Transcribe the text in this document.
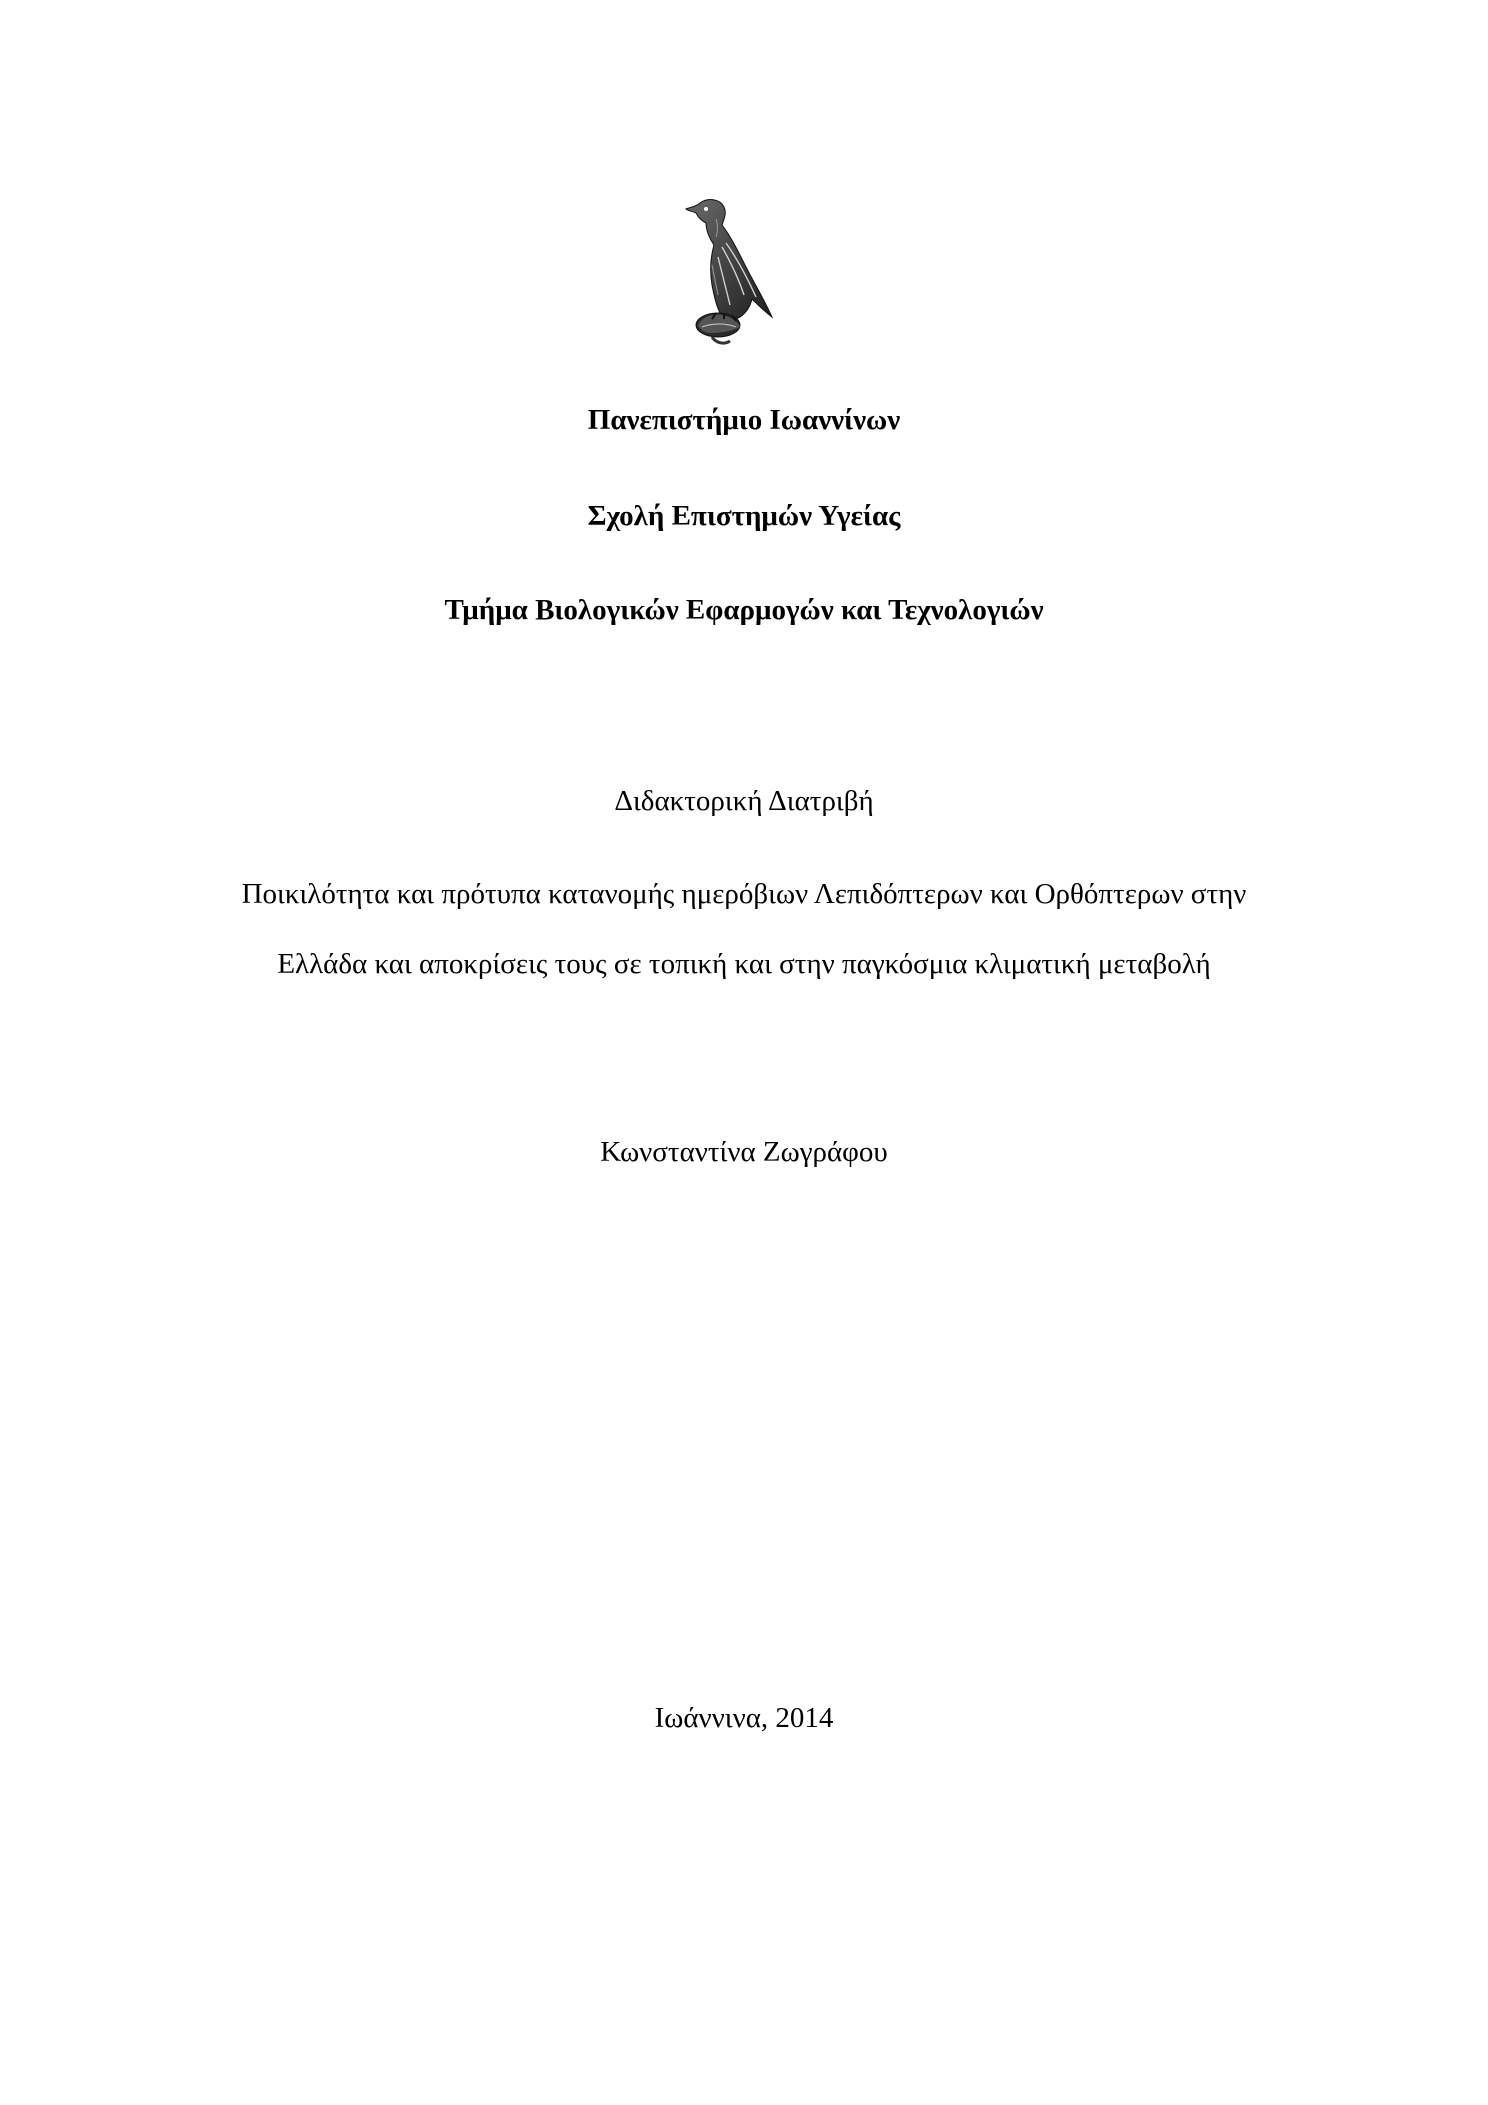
Πανεπιστήμιο Ιωαννίνων
Σχολή Επιστημών Υγείας
Τμήμα Βιολογικών Εφαρμογών και Τεχνολογιών
Διδακτορική Διατριβή
Ποικιλότητα και πρότυπα κατανομής ημερόβιων Λεπιδόπτερων και Ορθόπτερων στην
Ελλάδα και αποκρίσεις τους σε τοπική και στην παγκόσμια κλιματική μεταβολή
Κωνσταντίνα Ζωγράφου
Ιωάννινα, 2014
